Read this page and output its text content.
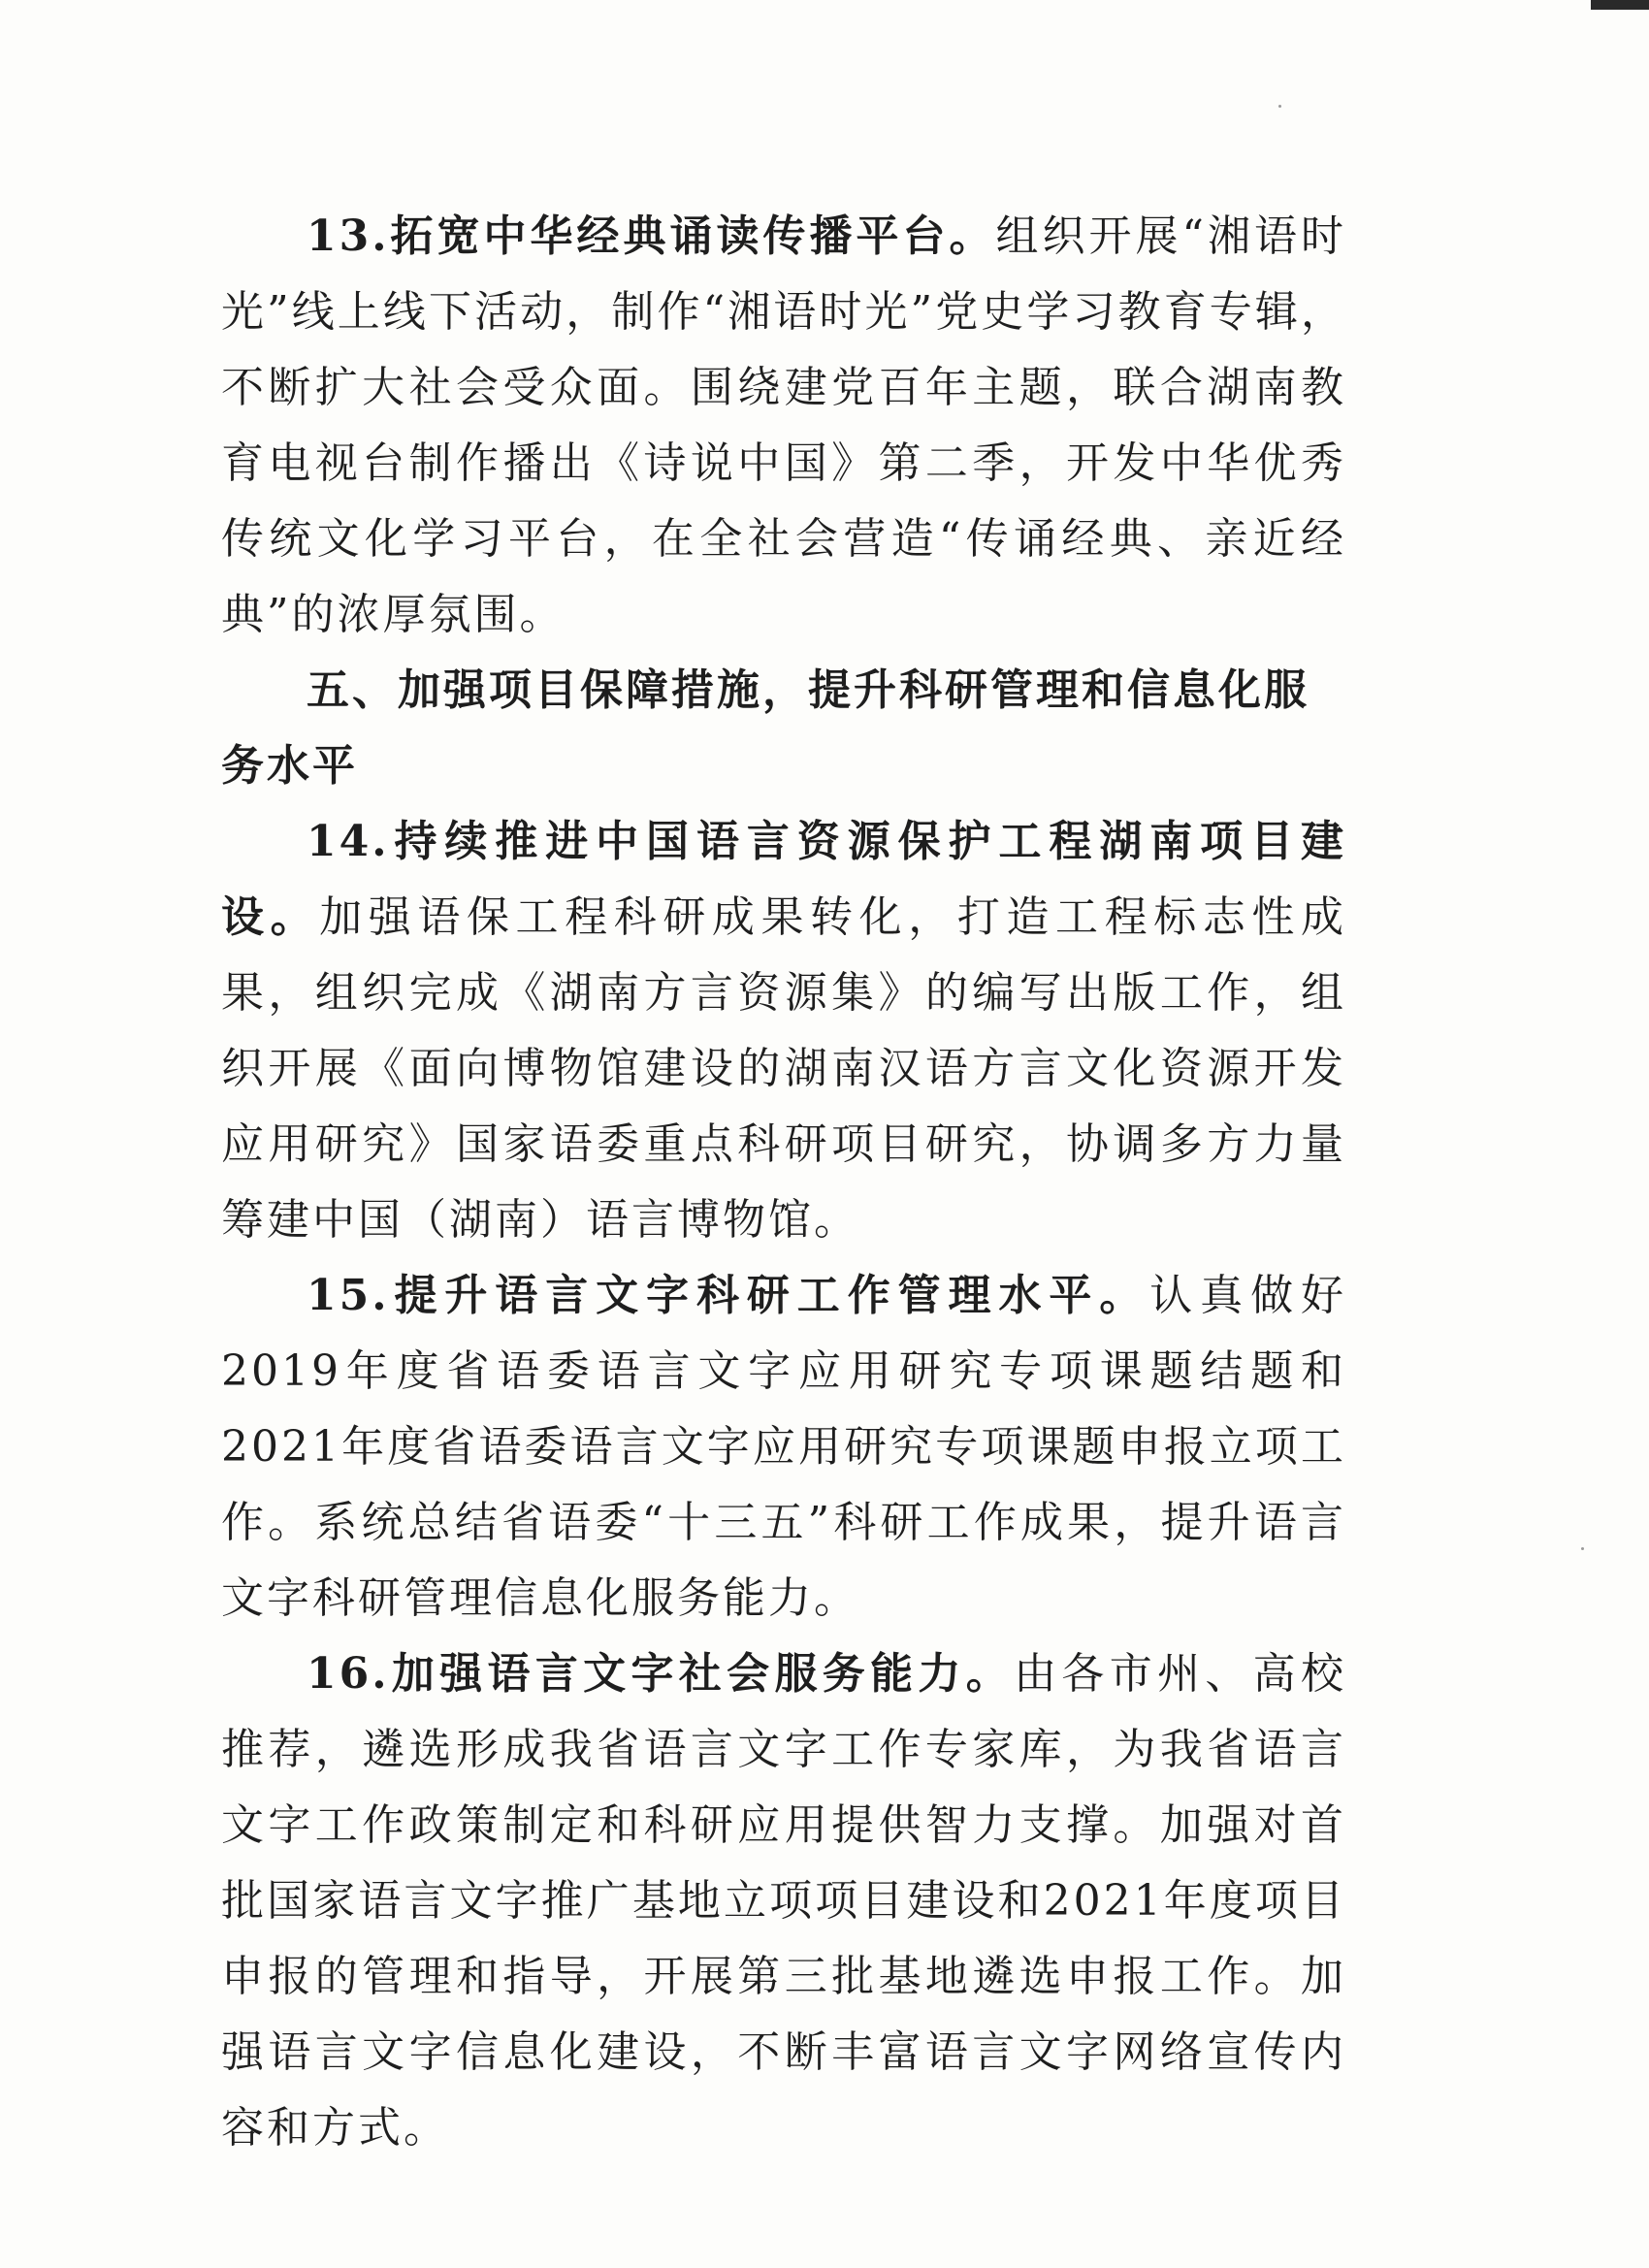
13.拓宽中华经典诵读传播平台。组织开展“湘语时光”线上线下活动，制作“湘语时光”党史学习教育专辑，不断扩大社会受众面。围绕建党百年主题，联合湖南教育电视台制作播出《诗说中国》第二季，开发中华优秀传统文化学习平台，在全社会营造“传诵经典、亲近经典”的浓厚氛围。

五、加强项目保障措施，提升科研管理和信息化服务水平

14.持续推进中国语言资源保护工程湖南项目建设。加强语保工程科研成果转化，打造工程标志性成果，组织完成《湖南方言资源集》的编写出版工作，组织开展《面向博物馆建设的湖南汉语方言文化资源开发应用研究》国家语委重点科研项目研究，协调多方力量筹建中国（湖南）语言博物馆。

15.提升语言文字科研工作管理水平。认真做好2019年度省语委语言文字应用研究专项课题结题和2021年度省语委语言文字应用研究专项课题申报立项工作。系统总结省语委“十三五”科研工作成果，提升语言文字科研管理信息化服务能力。

16.加强语言文字社会服务能力。由各市州、高校推荐，遴选形成我省语言文字工作专家库，为我省语言文字工作政策制定和科研应用提供智力支撑。加强对首批国家语言文字推广基地立项项目建设和2021年度项目申报的管理和指导，开展第三批基地遴选申报工作。加强语言文字信息化建设，不断丰富语言文字网络宣传内容和方式。
